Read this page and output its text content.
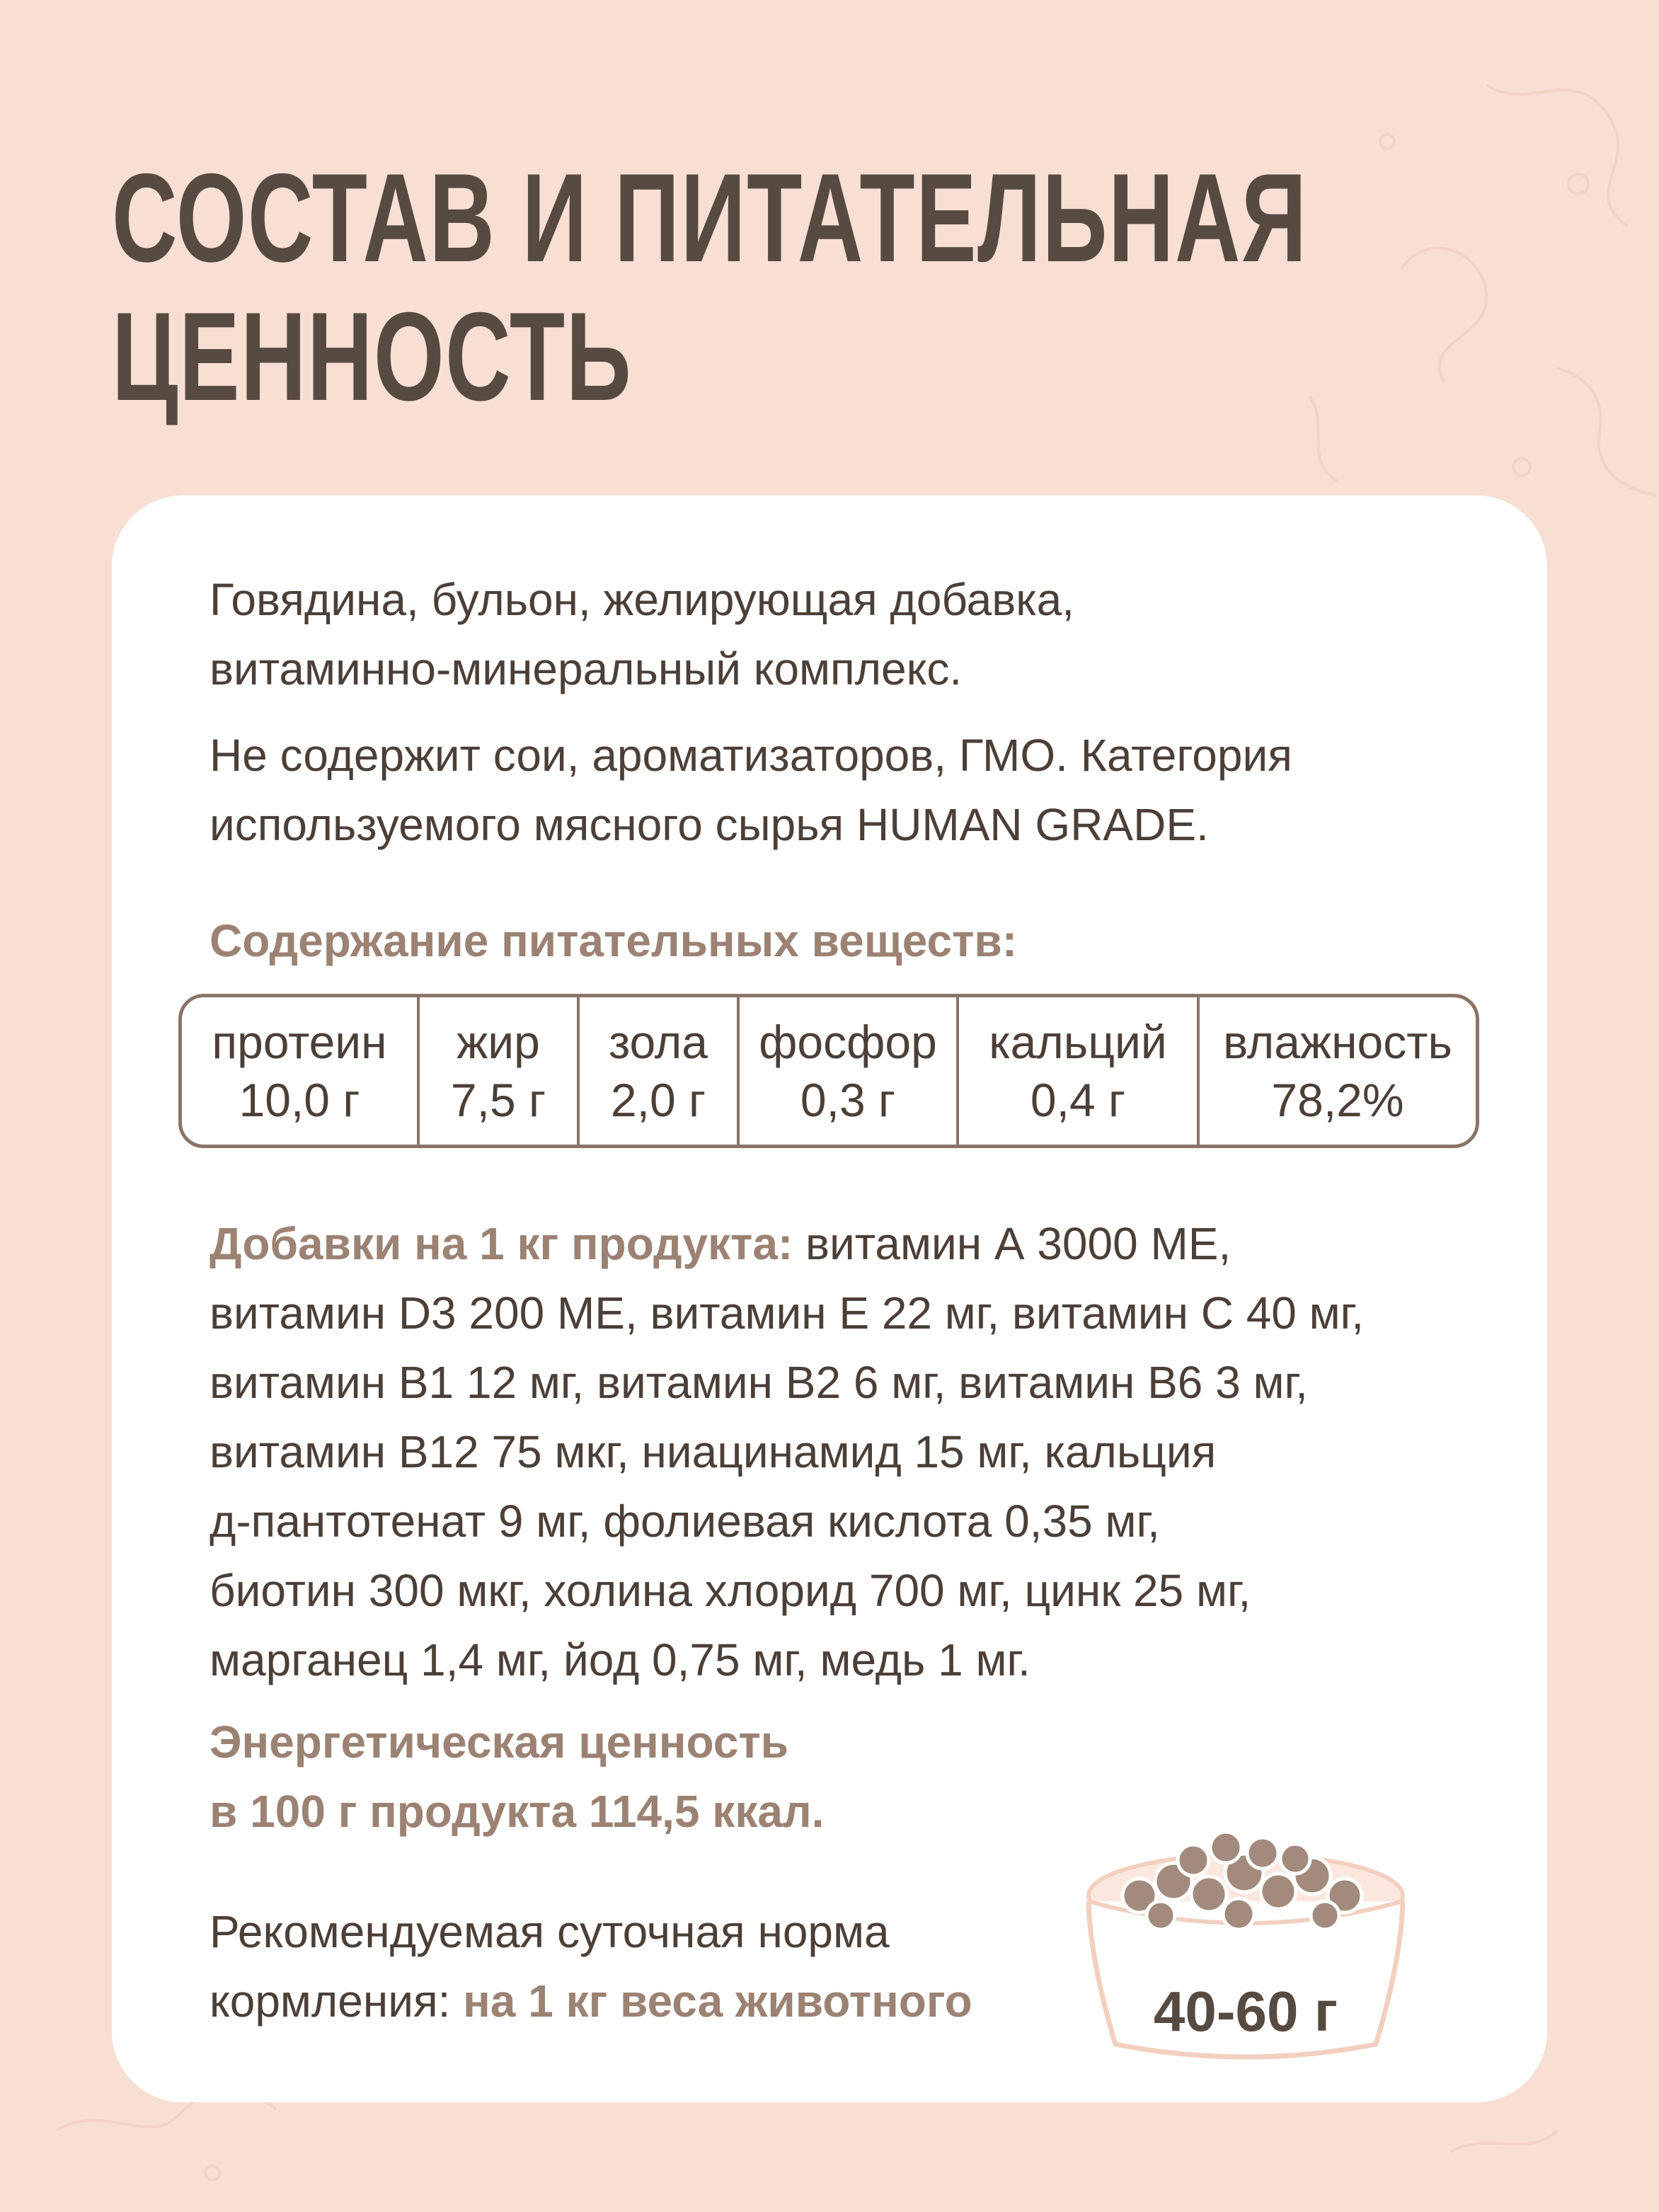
СОСТАВ И ПИТАТЕЛЬНАЯ
ЦЕННОСТЬ

Говядина, бульон, желирующая добавка,
витаминно-минеральный комплекс.

Не содержит сои, ароматизаторов, ГМО. Категория
используемого мясного сырья HUMAN GRADE.

Содержание питательных веществ:

протеин
10,0 г
жир
7,5 г
зола
2,0 г
фосфор
0,3 г
кальций
0,4 г
влажность
78,2%

Добавки на 1 кг продукта: витамин А 3000 МЕ,
витамин D3 200 МЕ, витамин Е 22 мг, витамин С 40 мг,
витамин В1 12 мг, витамин В2 6 мг, витамин В6 3 мг,
витамин В12 75 мкг, ниацинамид 15 мг, кальция
д-пантотенат 9 мг, фолиевая кислота 0,35 мг,
биотин 300 мкг, холина хлорид 700 мг, цинк 25 мг,
марганец 1,4 мг, йод 0,75 мг, медь 1 мг.

Энергетическая ценность
в 100 г продукта 114,5 ккал.

Рекомендуемая суточная норма
кормления: на 1 кг веса животного	40-60 г
